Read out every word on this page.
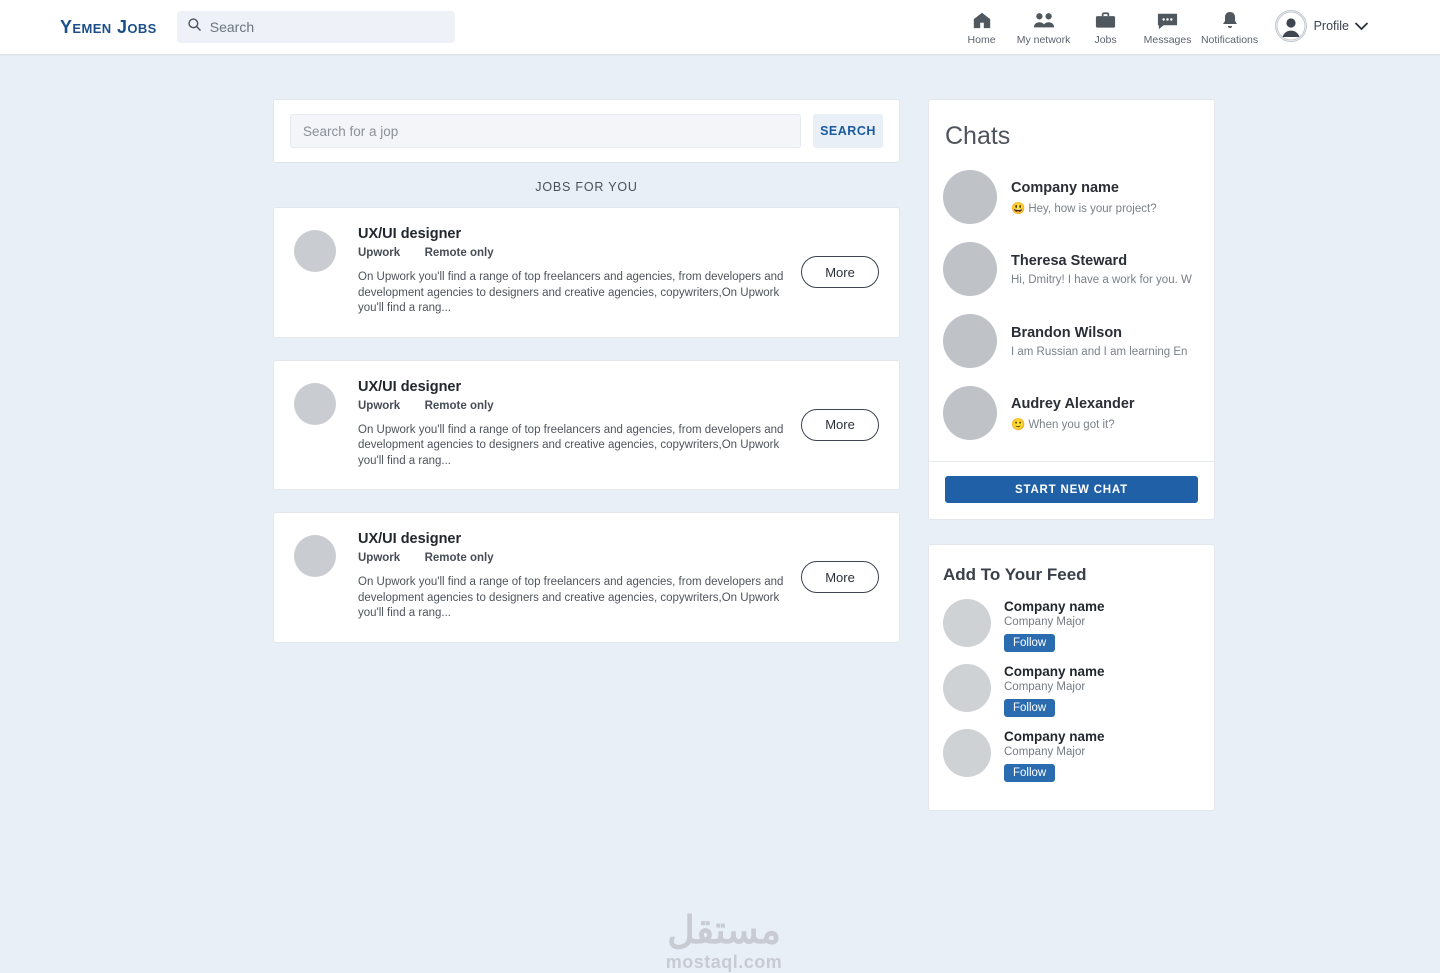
Yemen Jobs
Search
Home My network Jobs	Messages Notifications
Profile
Search for a jop
SEARCH
JOBS FOR YOU
UX/UI designer
Upwork Remote only
On Upwork you'll find a range of top freelancers and agencies, from developers and development agencies to designers and creative agencies, copywriters,On Upwork you'll find a rang...
More
UX/UI designer
Upwork Remote only
On Upwork you'll find a range of top freelancers and agencies, from developers and development agencies to designers and creative agencies, copywriters,On Upwork you'll find a rang...
More
UX/UI designer
Upwork Remote only
On Upwork you'll find a range of top freelancers and agencies, from developers and development agencies to designers and creative agencies, copywriters,On Upwork you'll find a rang...
More
Chats
Company name
😃 Hey, how is your project?
Theresa Steward
Hi, Dmitry! I have a work for you. W
Brandon Wilson
I am Russian and I am learning En
Audrey Alexander
🙂 When you got it?
START NEW CHAT
Add To Your Feed
Company name
Company Major
Follow
Company name
Company Major
Follow
Company name
Company Major
Follow
مستقل
mostaql.com
